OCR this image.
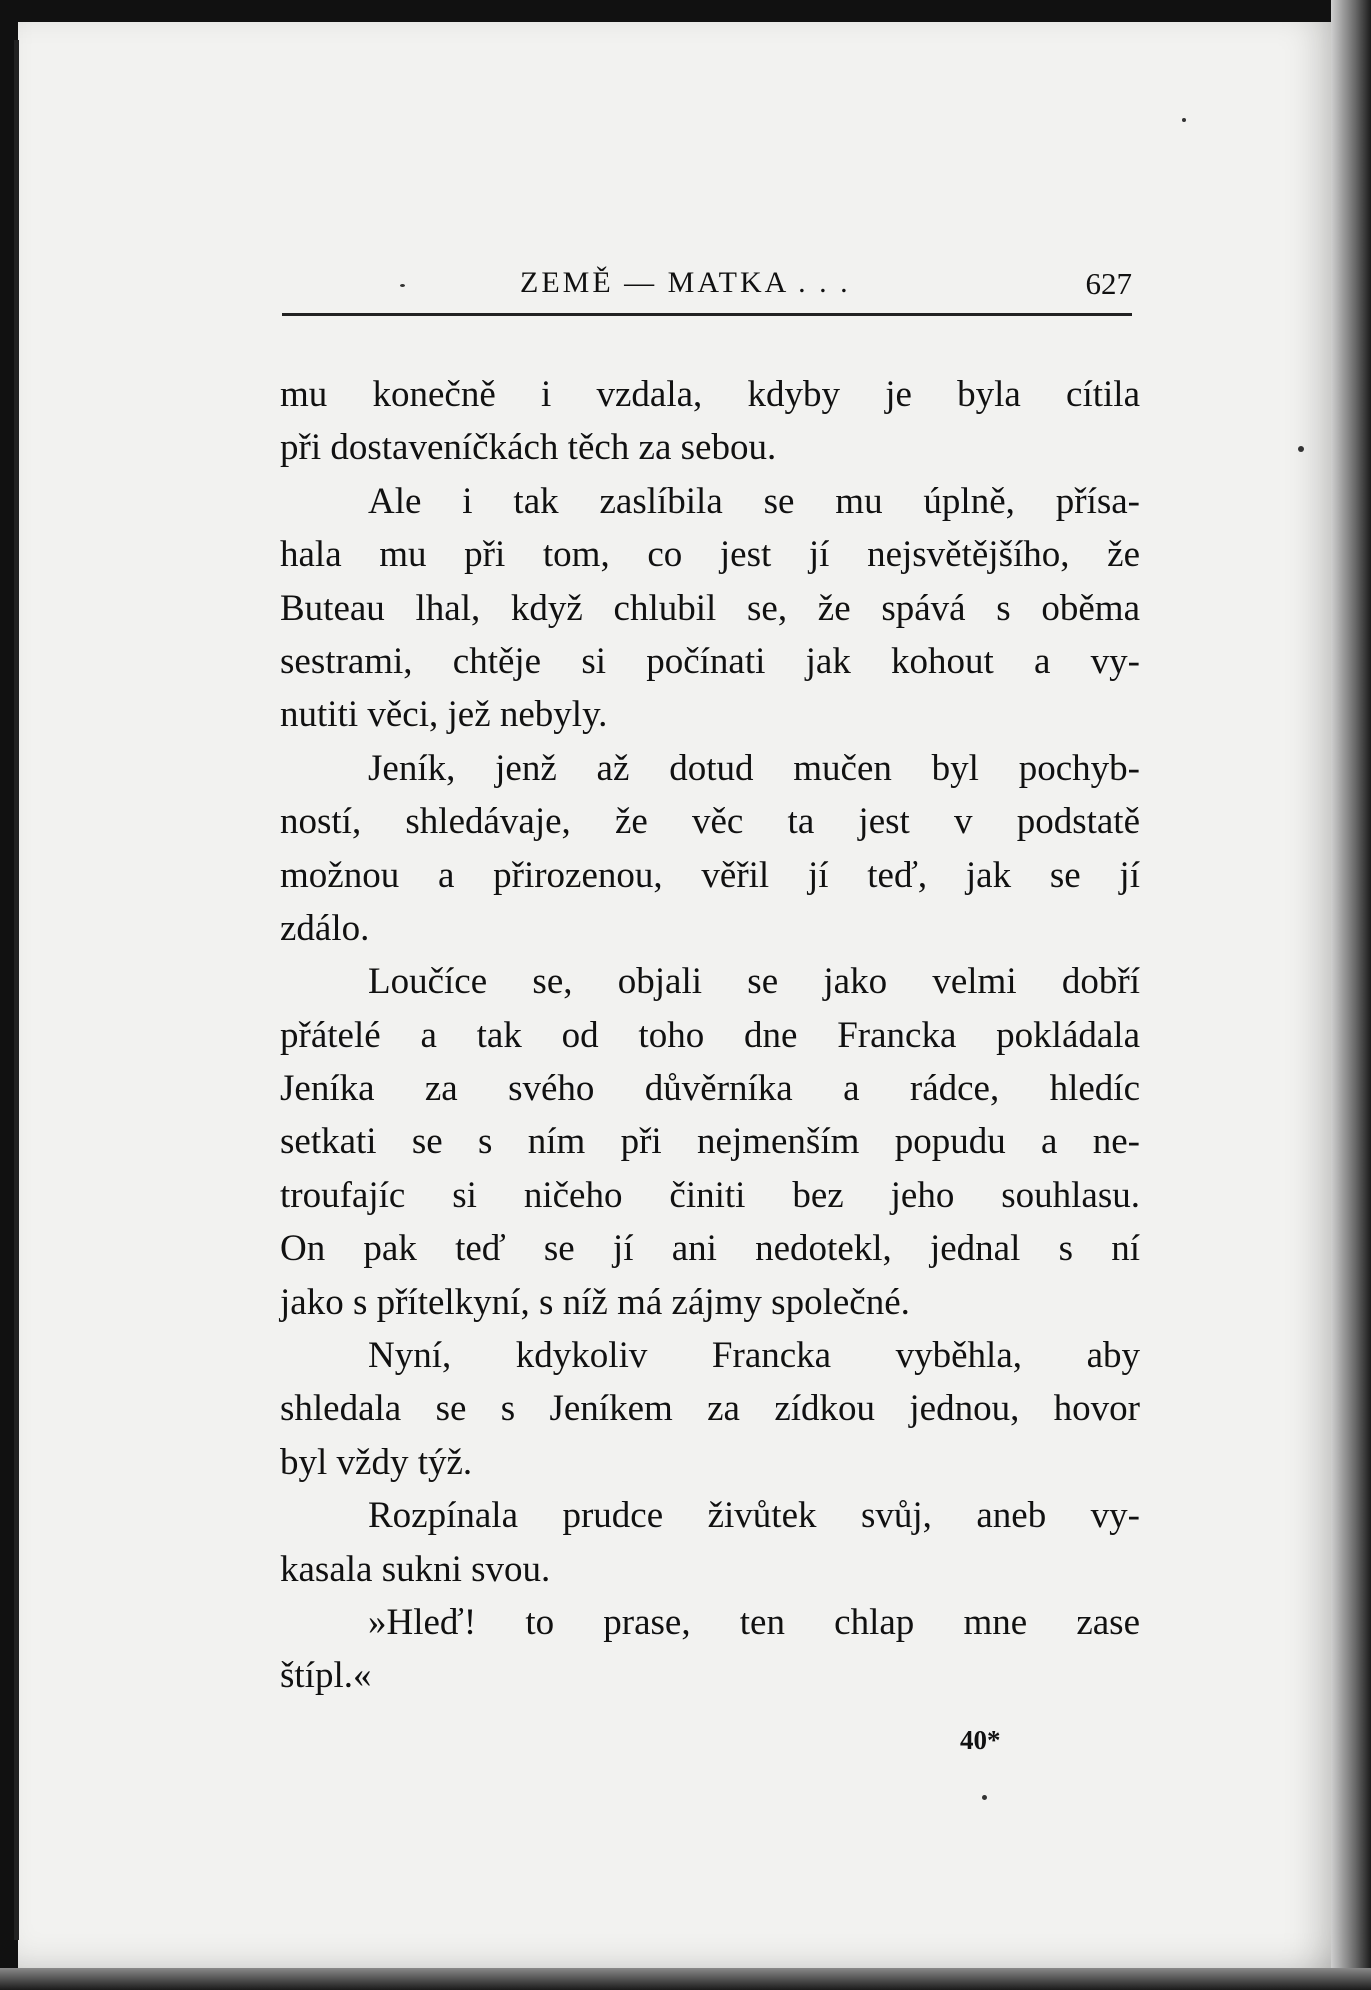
ZEMĚ — MATKA . . .	627
mu konečně i vzdala, kdyby je byla cítila
při dostaveníčkách těch za sebou.
Ale i tak zaslíbila se mu úplně, přísa-
hala mu při tom, co jest jí nejsvětějšího, že
Buteau lhal, když chlubil se, že spává s oběma
sestrami, chtěje si počínati jak kohout a vy-
nutiti věci, jež nebyly.
Jeník, jenž až dotud mučen byl pochyb-
ností, shledávaje, že věc ta jest v podstatě
možnou a přirozenou, věřil jí teď, jak se jí
zdálo.
Loučíce se, objali se jako velmi dobří
přátelé a tak od toho dne Francka pokládala
Jeníka za svého důvěrníka a rádce, hledíc
setkati se s ním při nejmenším popudu a ne-
troufajíc si ničeho činiti bez jeho souhlasu.
On pak teď se jí ani nedotekl, jednal s ní
jako s přítelkyní, s níž má zájmy společné.
Nyní, kdykoliv Francka vyběhla, aby
shledala se s Jeníkem za zídkou jednou, hovor
byl vždy týž.
Rozpínala prudce živůtek svůj, aneb vy-
kasala sukni svou.
»Hleď! to prase, ten chlap mne zase
štípl.«
40*
